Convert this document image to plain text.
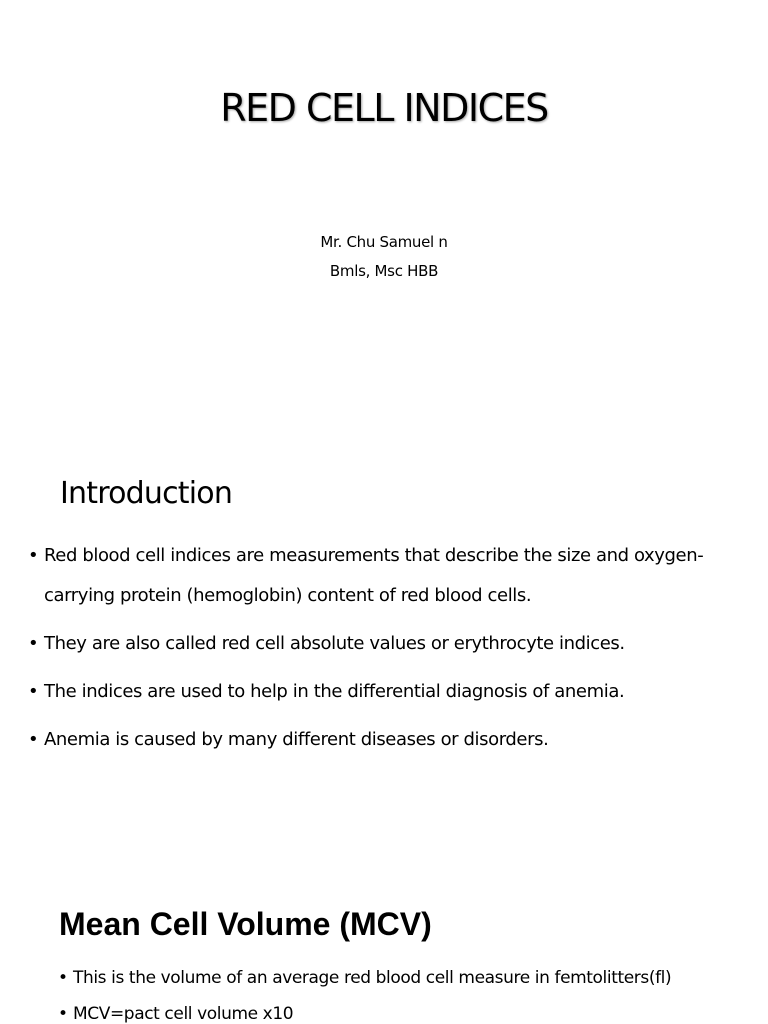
RED CELL INDICES
Mr. Chu Samuel n
Bmls, Msc HBB
Introduction
• Red blood cell indices are measurements that describe the size and oxygen-carrying protein (hemoglobin) content of red blood cells.
• They are also called red cell absolute values or erythrocyte indices.
• The indices are used to help in the differential diagnosis of anemia.
• Anemia is caused by many different diseases or disorders.
Mean Cell Volume (MCV)
• This is the volume of an average red blood cell measure in femtolitters(fl)
• MCV=pact cell volume x10
